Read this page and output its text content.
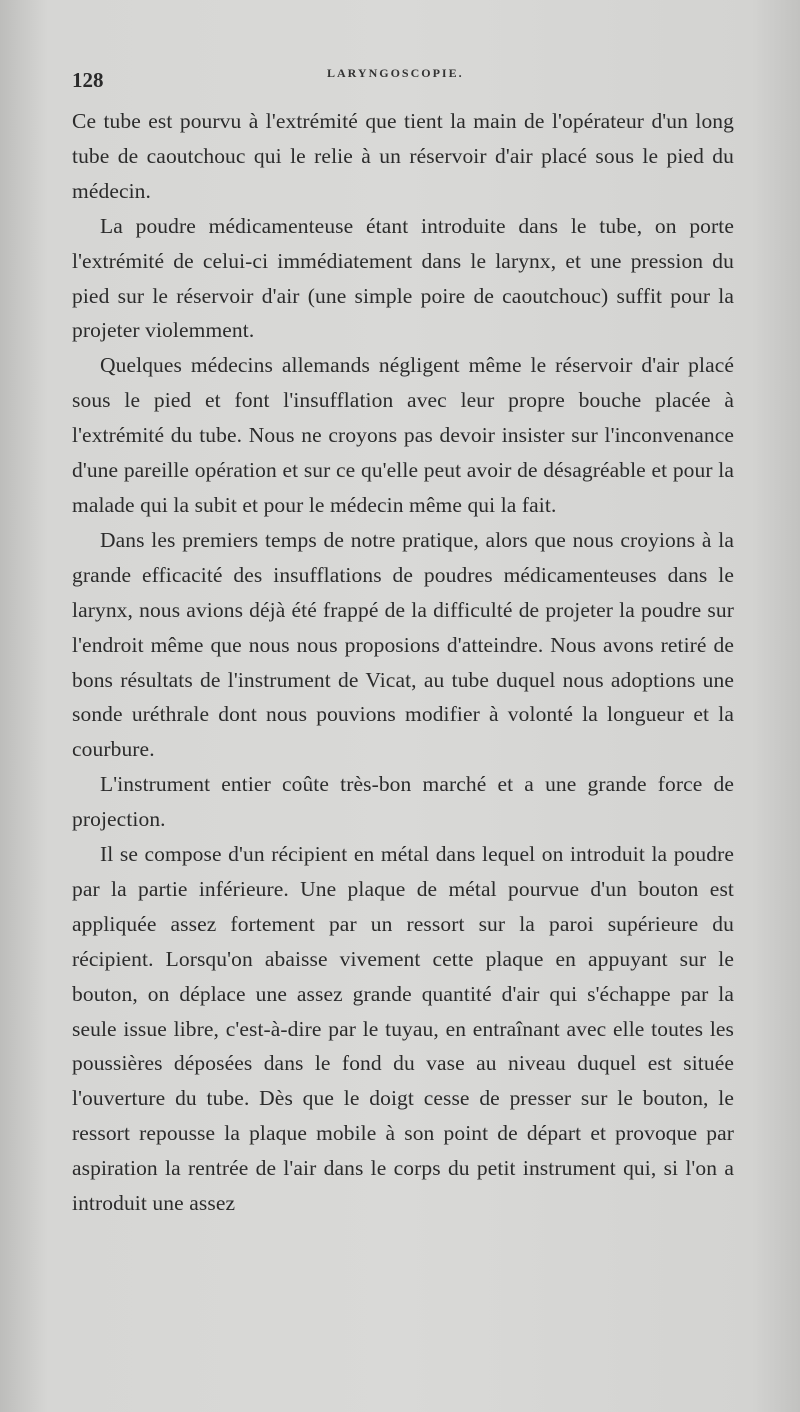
128	LARYNGOSCOPIE.

Ce tube est pourvu à l'extrémité que tient la main de l'opérateur d'un long tube de caoutchouc qui le relie à un réservoir d'air placé sous le pied du médecin.

La poudre médicamenteuse étant introduite dans le tube, on porte l'extrémité de celui-ci immédiatement dans le larynx, et une pression du pied sur le réservoir d'air (une simple poire de caoutchouc) suffit pour la projeter violemment.

Quelques médecins allemands négligent même le réservoir d'air placé sous le pied et font l'insufflation avec leur propre bouche placée à l'extrémité du tube. Nous ne croyons pas devoir insister sur l'inconvenance d'une pareille opération et sur ce qu'elle peut avoir de désagréable et pour la malade qui la subit et pour le médecin même qui la fait.

Dans les premiers temps de notre pratique, alors que nous croyions à la grande efficacité des insufflations de poudres médicamenteuses dans le larynx, nous avions déjà été frappé de la difficulté de projeter la poudre sur l'endroit même que nous nous proposions d'atteindre. Nous avons retiré de bons résultats de l'instrument de Vicat, au tube duquel nous adoptions une sonde uréthrale dont nous pouvions modifier à volonté la longueur et la courbure.

L'instrument entier coûte très-bon marché et a une grande force de projection.

Il se compose d'un récipient en métal dans lequel on introduit la poudre par la partie inférieure. Une plaque de métal pourvue d'un bouton est appliquée assez fortement par un ressort sur la paroi supérieure du récipient. Lorsqu'on abaisse vivement cette plaque en appuyant sur le bouton, on déplace une assez grande quantité d'air qui s'échappe par la seule issue libre, c'est-à-dire par le tuyau, en entraînant avec elle toutes les poussières déposées dans le fond du vase au niveau duquel est située l'ouverture du tube. Dès que le doigt cesse de presser sur le bouton, le ressort repousse la plaque mobile à son point de départ et provoque par aspiration la rentrée de l'air dans le corps du petit instrument qui, si l'on a introduit une assez
